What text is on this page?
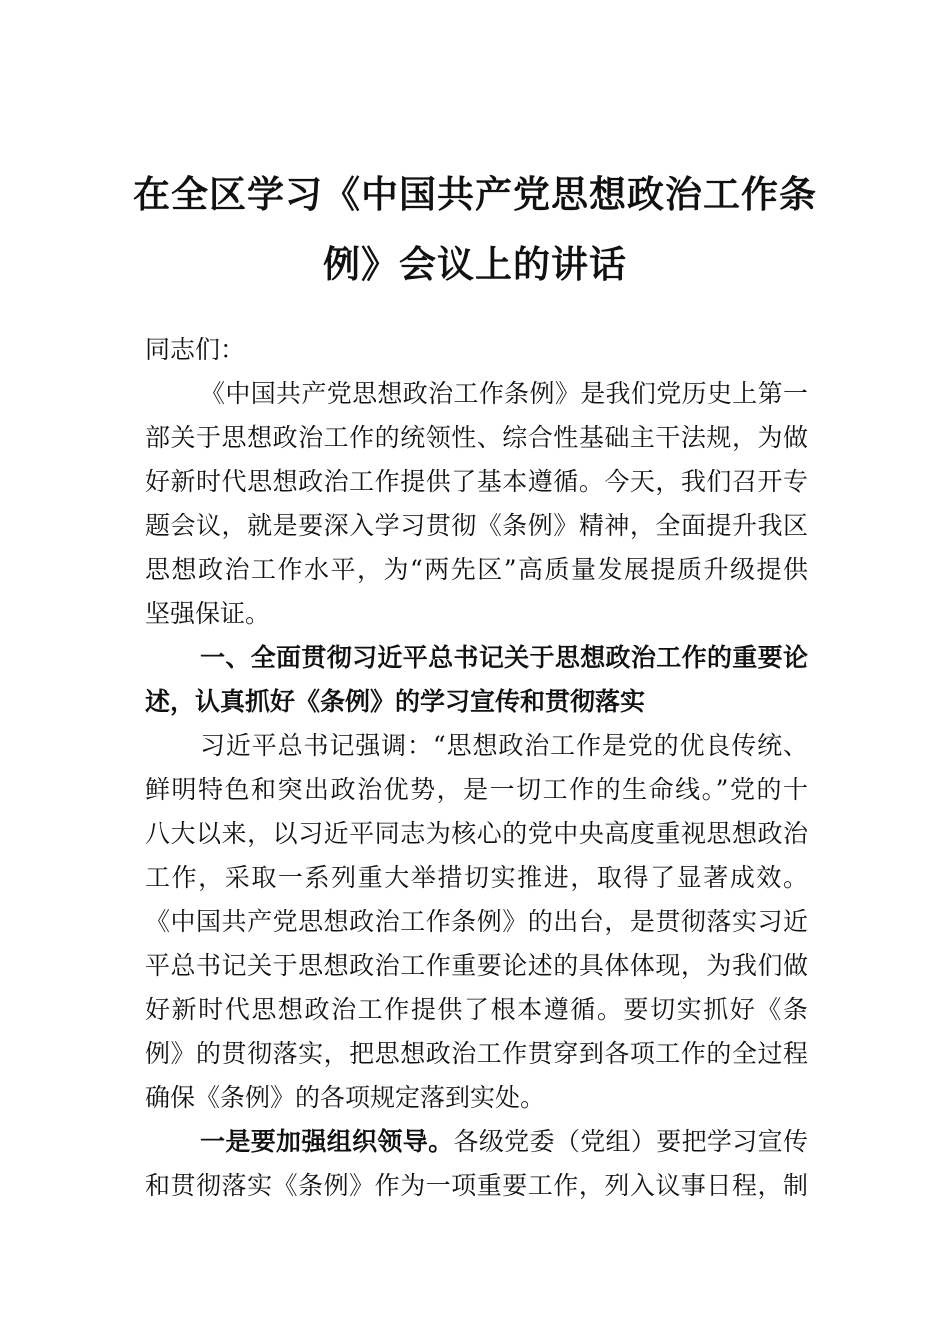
在全区学习《中国共产党思想政治工作条
例》会议上的讲话
同志们：
《中国共产党思想政治工作条例》是我们党历史上第一
部关于思想政治工作的统领性、综合性基础主干法规，为做
好新时代思想政治工作提供了基本遵循。今天，我们召开专
题会议，就是要深入学习贯彻《条例》精神，全面提升我区
思想政治工作水平，为“两先区”高质量发展提质升级提供
坚强保证。
一、全面贯彻习近平总书记关于思想政治工作的重要论
述，认真抓好《条例》的学习宣传和贯彻落实
习近平总书记强调：“思想政治工作是党的优良传统、
鲜明特色和突出政治优势，是一切工作的生命线。”党的十
八大以来，以习近平同志为核心的党中央高度重视思想政治
工作，采取一系列重大举措切实推进，取得了显著成效。
《中国共产党思想政治工作条例》的出台，是贯彻落实习近
平总书记关于思想政治工作重要论述的具体体现，为我们做
好新时代思想政治工作提供了根本遵循。要切实抓好《条
例》的贯彻落实，把思想政治工作贯穿到各项工作的全过程
确保《条例》的各项规定落到实处。
一是要加强组织领导。各级党委（党组）要把学习宣传
和贯彻落实《条例》作为一项重要工作，列入议事日程，制
